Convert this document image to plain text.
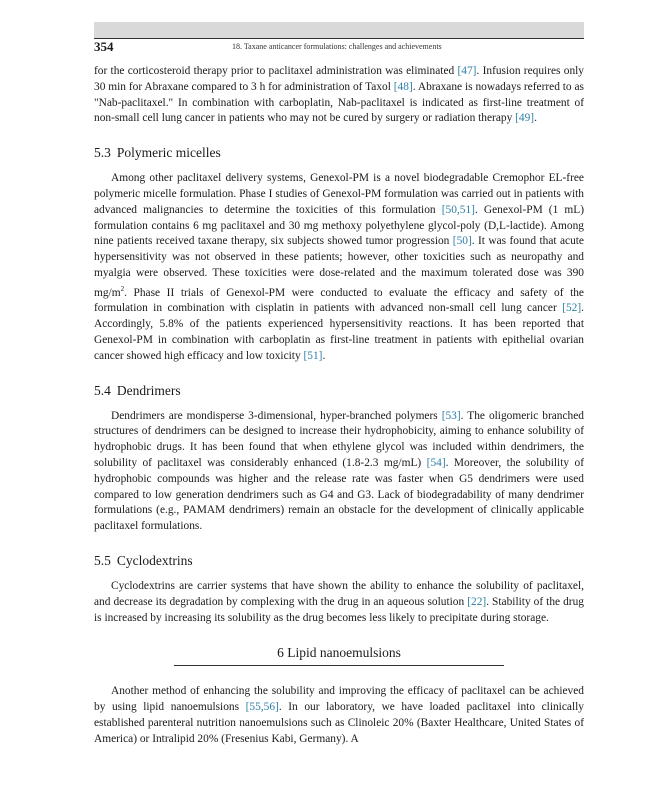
354	18. Taxane anticancer formulations: challenges and achievements

for the corticosteroid therapy prior to paclitaxel administration was eliminated [47]. Infusion requires only 30 min for Abraxane compared to 3 h for administration of Taxol [48]. Abraxane is nowadays referred to as "Nab-paclitaxel." In combination with carboplatin, Nab-paclitaxel is indicated as first-line treatment of non-small cell lung cancer in patients who may not be cured by surgery or radiation therapy [49].

5.3 Polymeric micelles

Among other paclitaxel delivery systems, Genexol-PM is a novel biodegradable Cremophor EL-free polymeric micelle formulation. Phase I studies of Genexol-PM formulation was carried out in patients with advanced malignancies to determine the toxicities of this formulation [50,51]. Genexol-PM (1 mL) formulation contains 6 mg paclitaxel and 30 mg methoxy polyethylene glycol-poly (D,L-lactide). Among nine patients received taxane therapy, six subjects showed tumor progression [50]. It was found that acute hypersensitivity was not observed in these patients; however, other toxicities such as neuropathy and myalgia were observed. These toxicities were dose-related and the maximum tolerated dose was 390 $mg/m^2$. Phase II trials of Genexol-PM were conducted to evaluate the efficacy and safety of the formulation in combination with cisplatin in patients with advanced non-small cell lung cancer [52]. Accordingly, 5.8% of the patients experienced hypersensitivity reactions. It has been reported that Genexol-PM in combination with carboplatin as first-line treatment in patients with epithelial ovarian cancer showed high efficacy and low toxicity [51].

5.4 Dendrimers

Dendrimers are mondisperse 3-dimensional, hyper-branched polymers [53]. The oligomeric branched structures of dendrimers can be designed to increase their hydrophobicity, aiming to enhance solubility of hydrophobic drugs. It has been found that when ethylene glycol was included within dendrimers, the solubility of paclitaxel was considerably enhanced (1.8-2.3 mg/mL) [54]. Moreover, the solubility of hydrophobic compounds was higher and the release rate was faster when G5 dendrimers were used compared to low generation dendrimers such as G4 and G3. Lack of biodegradability of many dendrimer formulations (e.g., PAMAM dendrimers) remain an obstacle for the development of clinically applicable paclitaxel formulations.

5.5 Cyclodextrins

Cyclodextrins are carrier systems that have shown the ability to enhance the solubility of paclitaxel, and decrease its degradation by complexing with the drug in an aqueous solution [22]. Stability of the drug is increased by increasing its solubility as the drug becomes less likely to precipitate during storage.

6 Lipid nanoemulsions

Another method of enhancing the solubility and improving the efficacy of paclitaxel can be achieved by using lipid nanoemulsions [55,56]. In our laboratory, we have loaded paclitaxel into clinically established parenteral nutrition nanoemulsions such as Clinoleic 20% (Baxter Healthcare, United States of America) or Intralipid 20% (Fresenius Kabi, Germany). A
